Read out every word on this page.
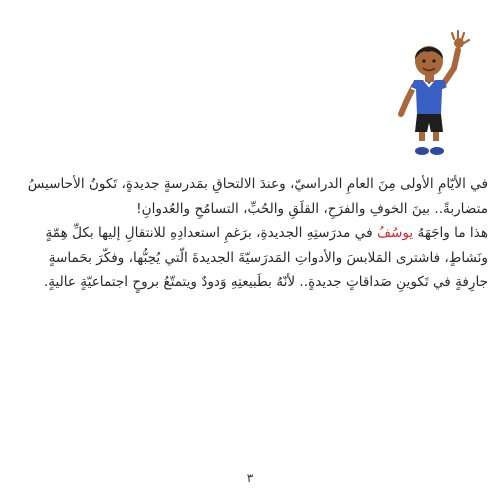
في الأيّامِ الأولى مِنَ العامِ الدراسيّ، وعندَ الالتحاقِ بمَدرسةٍ جديدةٍ، تَكونُ الأحاسيسُ متضاربةً.. بينَ الخوفِ والفرَحِ، القلَقِ والحُبِّ، التسامُحِ والعُدوانِ!

هذا ما واجَهَهُ يوسُفُ في مدرَستِهِ الجديدةِ، برَغمِ استعدادِهِ للانتقالِ إليها بكلِّ هِمّةٍ ونَشاطٍ، فاشترى المَلابسَ والأدواتِ المَدرَسيّةَ الجديدةَ الّتي يُحِبُّها، وفكّرَ بحَماسةٍ جارِفةٍ في تَكوينِ صَداقاتٍ جديدةٍ.. لأنّهُ بطَبيعتِهِ وَدودٌ ويتمتّعُ بروحٍ اجتماعيّةٍ عاليةٍ.

٣
